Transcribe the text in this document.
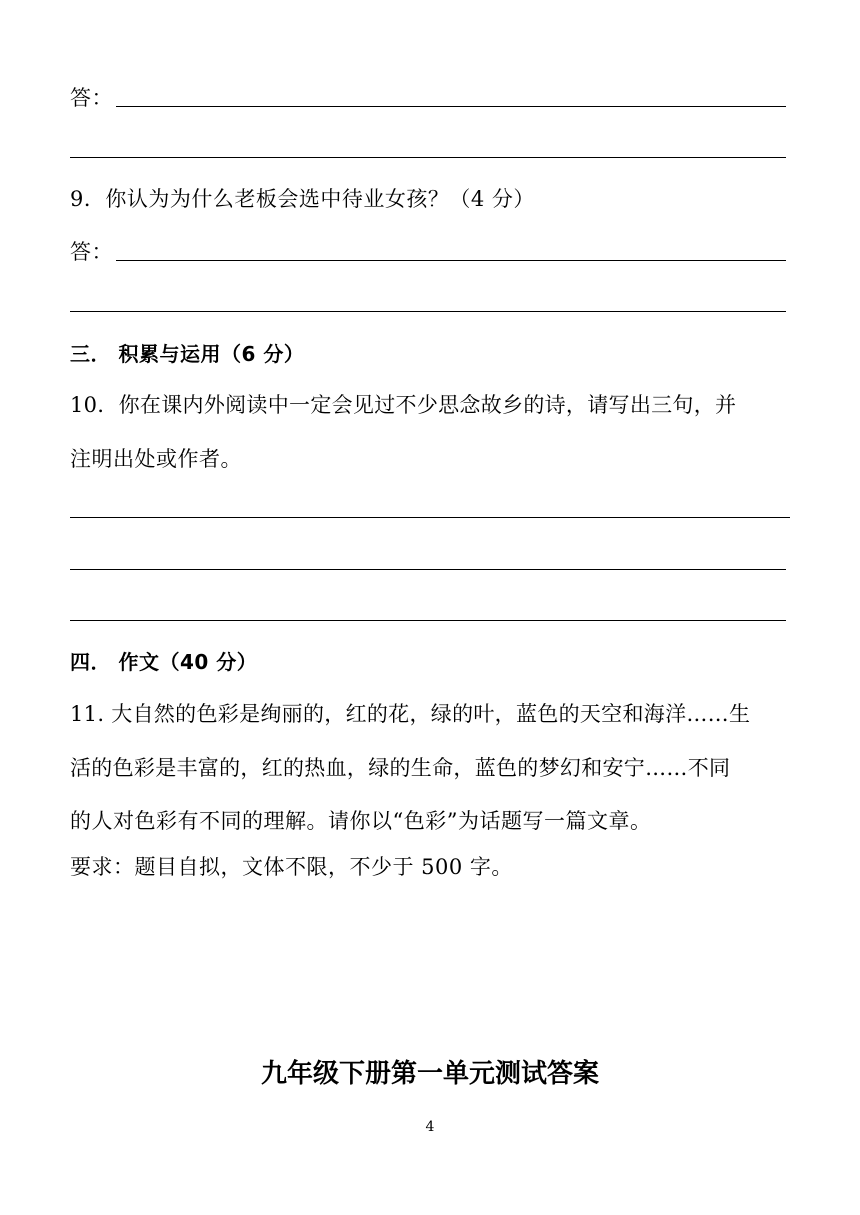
答：
9．你认为为什么老板会选中待业女孩？（4 分）
答：
三． 积累与运用（6 分）
10．你在课内外阅读中一定会见过不少思念故乡的诗，请写出三句，并
注明出处或作者。
四． 作文（40 分）
11. 大自然的色彩是绚丽的，红的花，绿的叶，蓝色的天空和海洋……生
活的色彩是丰富的，红的热血，绿的生命，蓝色的梦幻和安宁……不同
的人对色彩有不同的理解。请你以“色彩”为话题写一篇文章。
要求：题目自拟，文体不限，不少于 500 字。
九年级下册第一单元测试答案
4
